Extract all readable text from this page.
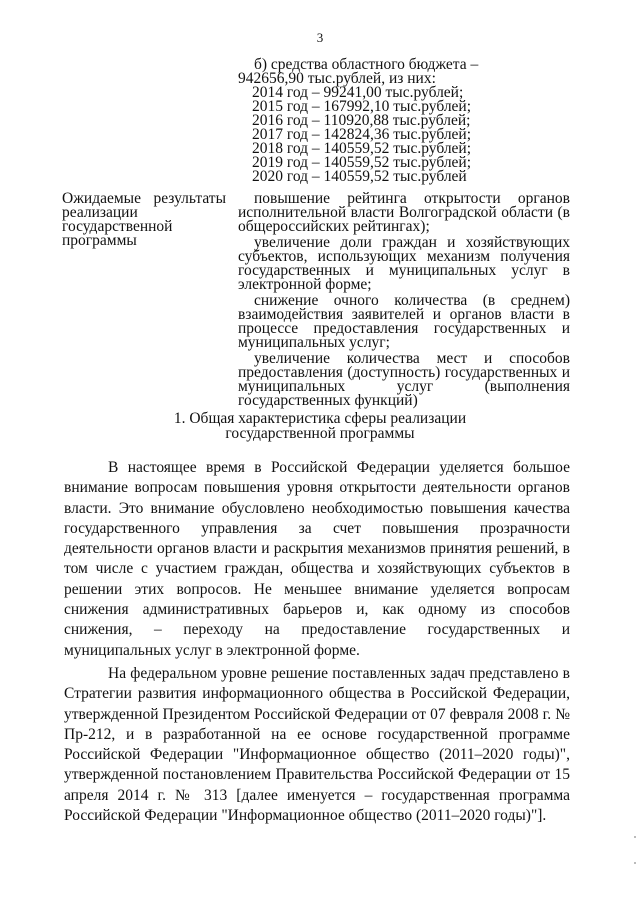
3

б) средства областного бюджета –

942656,90 тыс.рублей, из них:

2014 год – 99241,00 тыс.рублей;

2015 год – 167992,10 тыс.рублей;

2016 год – 110920,88 тыс.рублей;

2017 год – 142824,36 тыс.рублей;

2018 год – 140559,52 тыс.рублей;

2019 год – 140559,52 тыс.рублей;

2020 год – 140559,52 тыс.рублей

Ожидаемые результаты реализации государственной программы

повышение рейтинга открытости органов исполнительной власти Волгоградской области (в общероссийских рейтингах);

увеличение доли граждан и хозяйствующих субъектов, использующих механизм получения государственных и муниципальных услуг в электронной форме;

снижение очного количества (в среднем) взаимодействия заявителей и органов власти в процессе предоставления государственных и муниципальных услуг;

увеличение количества мест и способов предоставления (доступность) государственных и муниципальных услуг (выполнения государственных функций)

1. Общая характеристика сферы реализации
государственной программы

В настоящее время в Российской Федерации уделяется большое внимание вопросам повышения уровня открытости деятельности органов власти. Это внимание обусловлено необходимостью повышения качества государственного управления за счет повышения прозрачности деятельности органов власти и раскрытия механизмов принятия решений, в том числе с участием граждан, общества и хозяйствующих субъектов в решении этих вопросов. Не меньшее внимание уделяется вопросам снижения административных барьеров и, как одному из способов снижения, – переходу на предоставление государственных и муниципальных услуг в электронной форме.

На федеральном уровне решение поставленных задач представлено в Стратегии развития информационного общества в Российской Федерации, утвержденной Президентом Российской Федерации от 07 февраля 2008 г. № Пр-212, и в разработанной на ее основе государственной программе Российской Федерации "Информационное общество (2011–2020 годы)", утвержденной постановлением Правительства Российской Федерации от 15 апреля 2014 г. № 313 [далее именуется – государственная программа Российской Федерации "Информационное общество (2011–2020 годы)"].
